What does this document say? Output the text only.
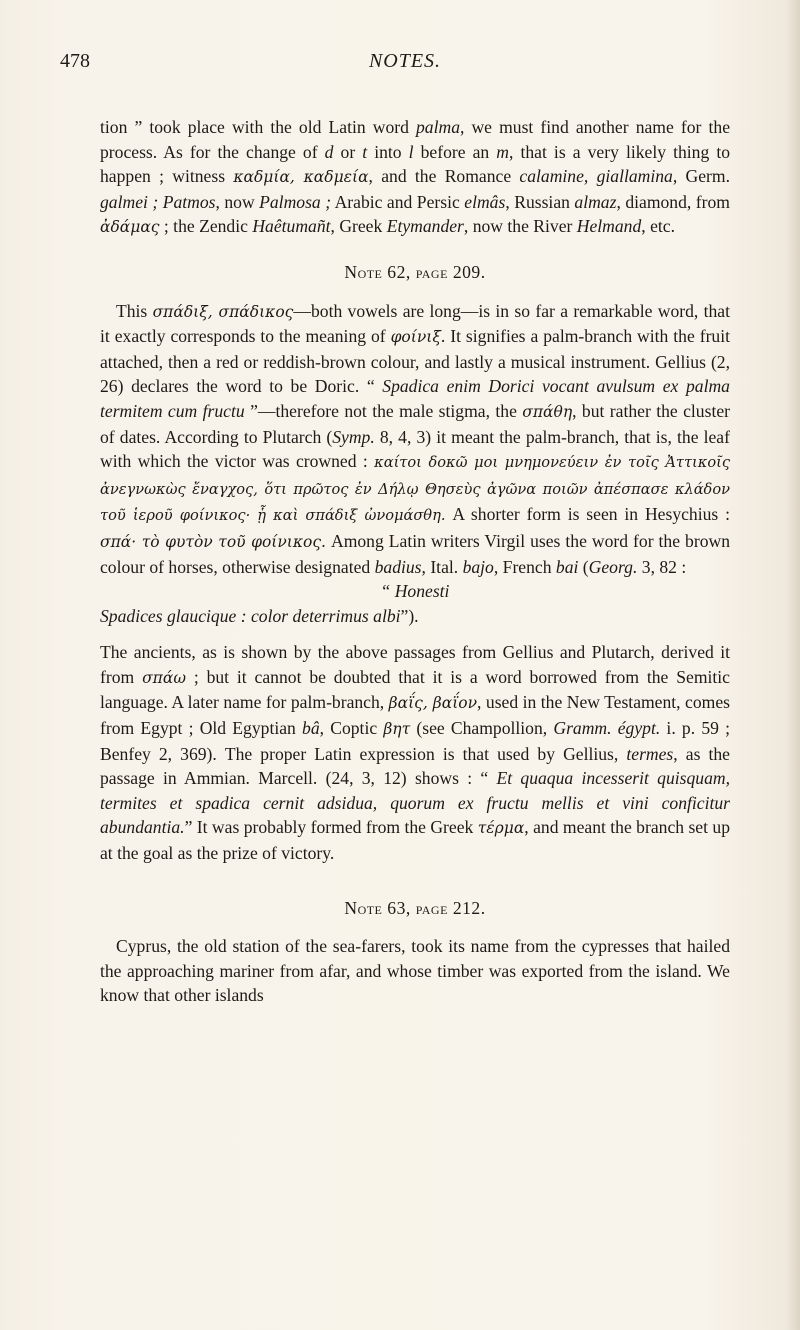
478	NOTES.

tion ” took place with the old Latin word palma, we must find another name for the process. As for the change of d or t into l before an m, that is a very likely thing to happen ; witness καδμία, καδμεία, and the Romance calamine, giallamina, Germ. galmei ; Patmos, now Palmosa ; Arabic and Persic elmâs, Russian almaz, diamond, from ἀδάμας ; the Zendic Haêtumañt, Greek Etymander, now the River Helmand, etc.

Note 62, page 209.

This σπάδιξ, σπάδικος—both vowels are long—is in so far a remarkable word, that it exactly corresponds to the meaning of φοίνιξ. It signifies a palm-branch with the fruit attached, then a red or reddish-brown colour, and lastly a musical instrument. Gellius (2, 26) declares the word to be Doric. “ Spadica enim Dorici vocant avulsum ex palma termitem cum fructu ”—therefore not the male stigma, the σπάθη, but rather the cluster of dates. According to Plutarch (Symp. 8, 4, 3) it meant the palm-branch, that is, the leaf with which the victor was crowned : καίτοι δοκῶ μοι μνημονεύειν ἐν τοῖς Ἀττικοῖς ἀνεγνωκὼς ἔναγχος, ὅτι πρῶτος ἐν Δήλῳ Θησεὺς ἀγῶνα ποιῶν ἀπέσπασε κλάδον τοῦ ἱεροῦ φοίνικος· ᾗ καὶ σπάδιξ ὠνομάσθη. A shorter form is seen in Hesychius : σπά· τὸ φυτὸν τοῦ φοίνικος. Among Latin writers Virgil uses the word for the brown colour of horses, otherwise designated badius, Ital. bajo, French bai (Georg. 3, 82 :

“ Honesti

Spadices glaucique : color deterrimus albi”).

The ancients, as is shown by the above passages from Gellius and Plutarch, derived it from σπάω ; but it cannot be doubted that it is a word borrowed from the Semitic language. A later name for palm-branch, βαΐς, βαΐον, used in the New Testament, comes from Egypt ; Old Egyptian bâ, Coptic βητ (see Champollion, Gramm. égypt. i. p. 59 ; Benfey 2, 369). The proper Latin expression is that used by Gellius, termes, as the passage in Ammian. Marcell. (24, 3, 12) shows : “ Et quaqua incesserit quisquam, termites et spadica cernit adsidua, quorum ex fructu mellis et vini conficitur abundantia.” It was probably formed from the Greek τέρμα, and meant the branch set up at the goal as the prize of victory.

Note 63, page 212.

Cyprus, the old station of the sea-farers, took its name from the cypresses that hailed the approaching mariner from afar, and whose timber was exported from the island. We know that other islands
